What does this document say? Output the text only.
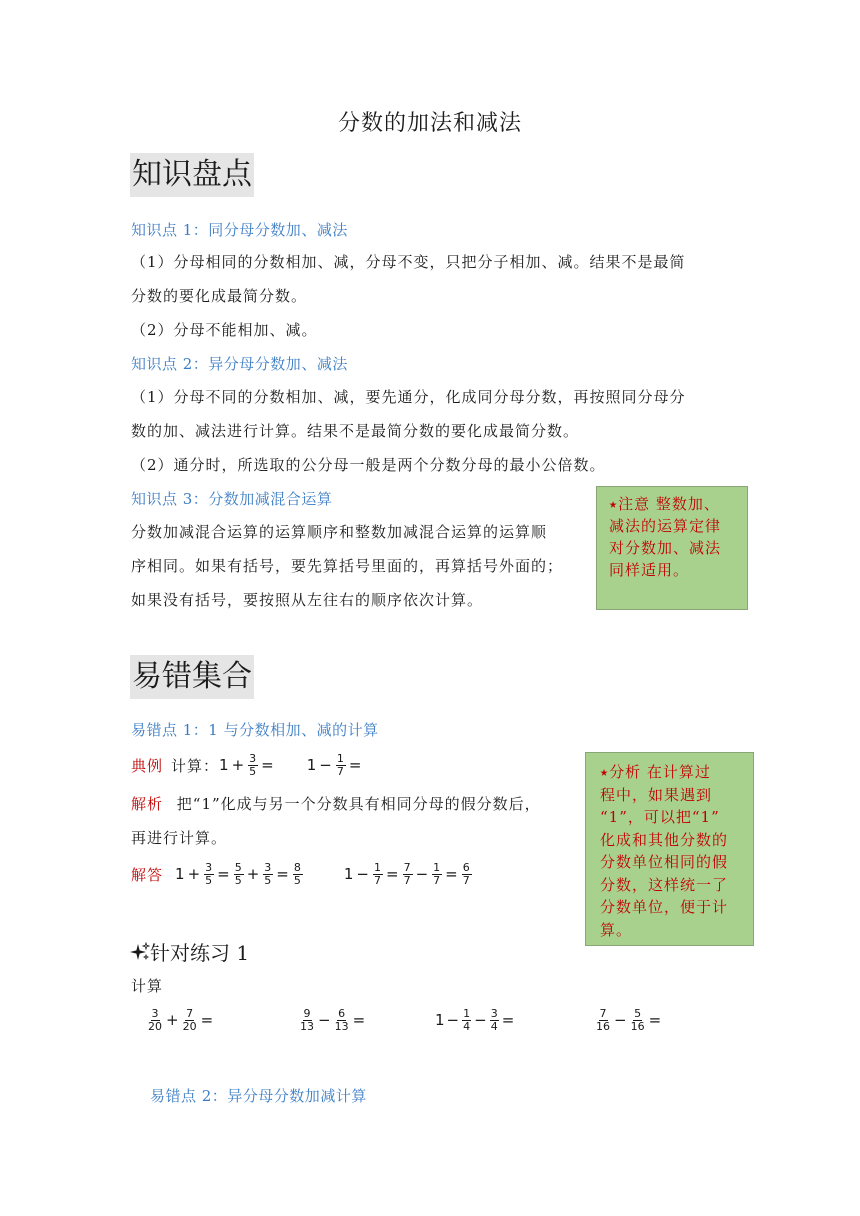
分数的加法和减法
知识盘点
知识点 1：同分母分数加、减法
（1）分母相同的分数相加、减，分母不变，只把分子相加、减。结果不是最简
分数的要化成最简分数。
（2）分母不能相加、减。
知识点 2：异分母分数加、减法
（1）分母不同的分数相加、减，要先通分，化成同分母分数，再按照同分母分
数的加、减法进行计算。结果不是最简分数的要化成最简分数。
（2）通分时，所选取的公分母一般是两个分数分母的最小公倍数。
知识点 3：分数加减混合运算
分数加减混合运算的运算顺序和整数加减混合运算的运算顺
序相同。如果有括号，要先算括号里面的，再算括号外面的；
如果没有括号，要按照从左往右的顺序依次计算。
⭑注意 整数加、
减法的运算定律
对分数加、减法
同样适用。
易错集合
易错点 1：1 与分数相加、减的计算
典例 计算： $1 + \frac{3}{5} = 1 - \frac{1}{7}$ =
解析 把“1”化成与另一个分数具有相同分母的假分数后，
再进行计算。
解答 $1 + \frac{3}{5} = \frac{5}{5} + \frac{3}{5} = \frac{8}{5}$	$1 - \frac{1}{7} = \frac{7}{7} - \frac{1}{7} = \frac{6}{7}$
⭑分析 在计算过
程中，如果遇到
“1”，可以把“1”
化成和其他分数的
分数单位相同的假
分数，这样统一了
分数单位，便于计
算。
针对练习 1
计算
$\frac{3}{20} + \frac{7}{20}$ =	$\frac{9}{13} - \frac{6}{13}$ =	$1 - \frac{1}{4} - \frac{3}{4}$ =	$\frac{7}{16} - \frac{5}{16}$ =
易错点 2：异分母分数加减计算
